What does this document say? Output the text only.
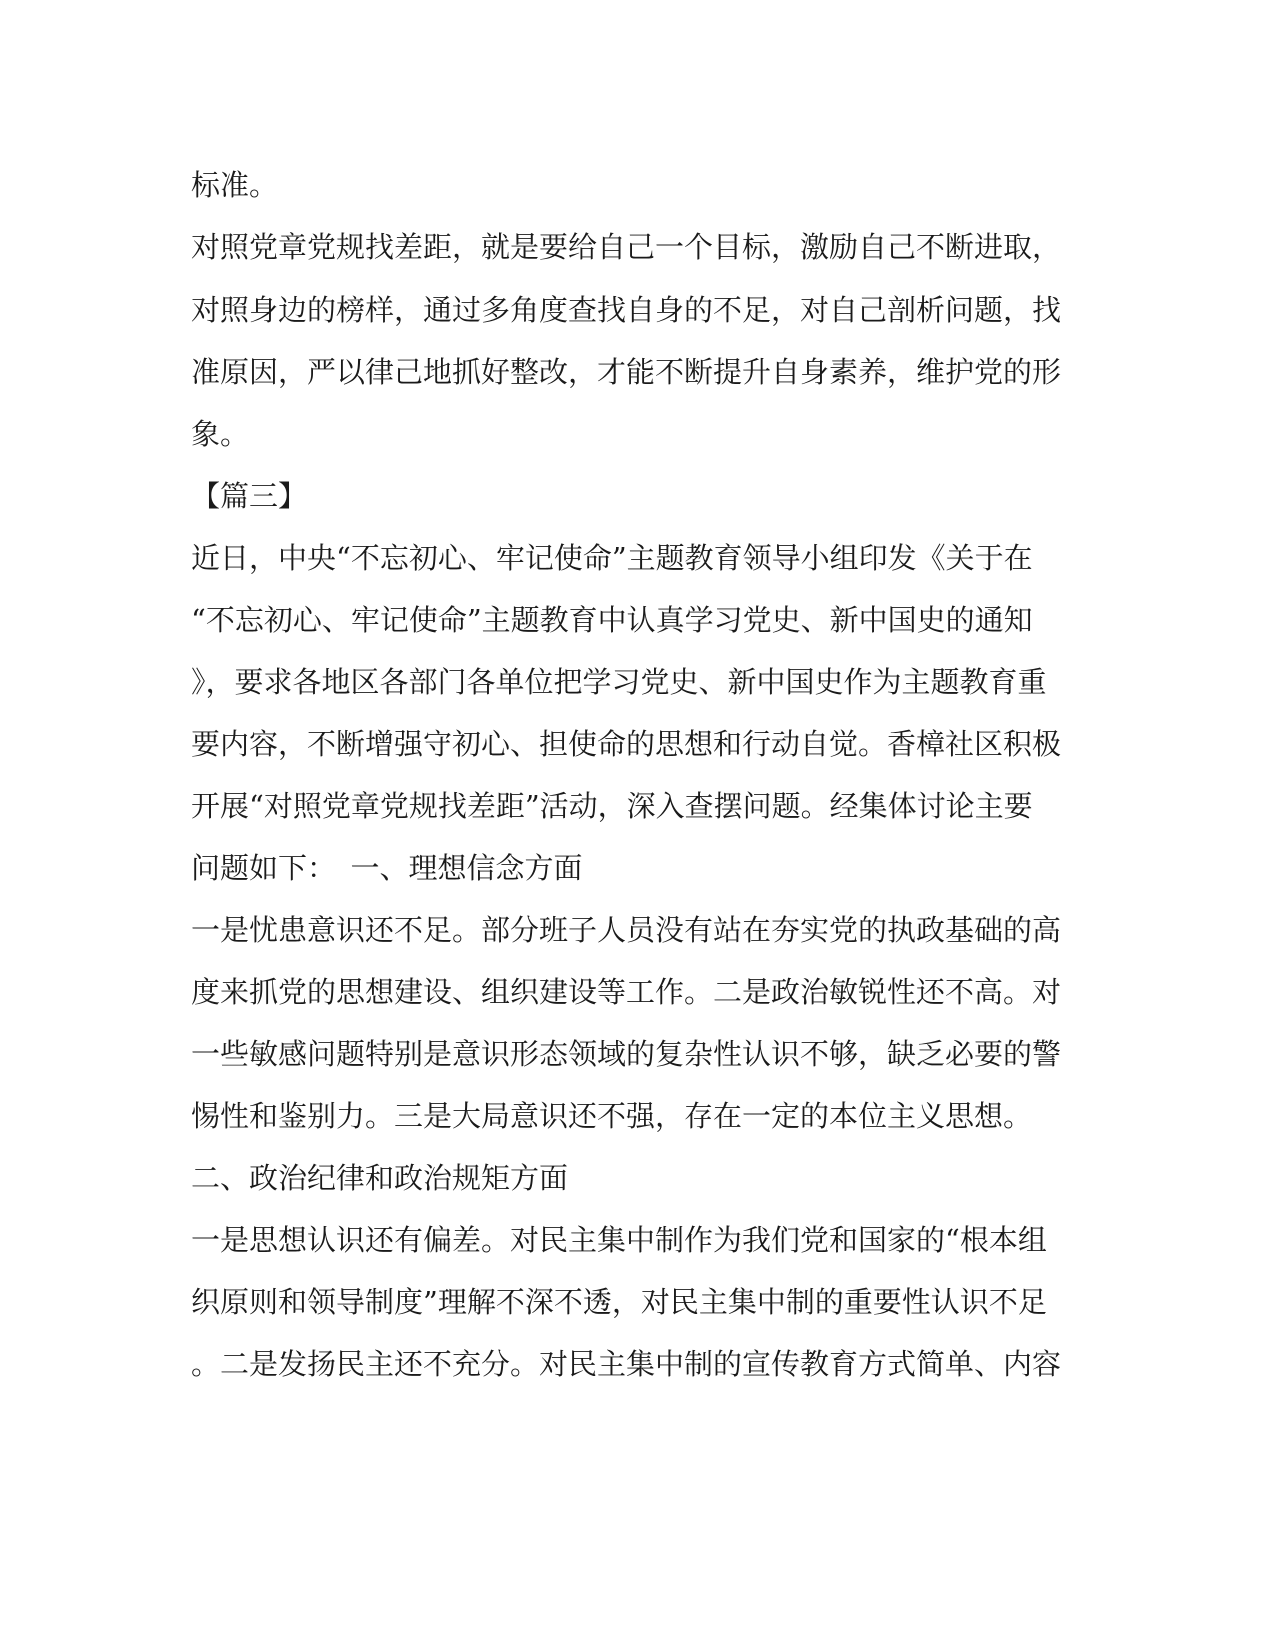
标准。
对照党章党规找差距，就是要给自己一个目标，激励自己不断进取，
对照身边的榜样，通过多角度查找自身的不足，对自己剖析问题，找
准原因，严以律己地抓好整改，才能不断提升自身素养，维护党的形
象。
【篇三】
近日，中央“不忘初心、牢记使命”主题教育领导小组印发《关于在
“不忘初心、牢记使命”主题教育中认真学习党史、新中国史的通知
》，要求各地区各部门各单位把学习党史、新中国史作为主题教育重
要内容，不断增强守初心、担使命的思想和行动自觉。香樟社区积极
开展“对照党章党规找差距”活动，深入查摆问题。经集体讨论主要
问题如下：　一、理想信念方面
一是忧患意识还不足。部分班子人员没有站在夯实党的执政基础的高
度来抓党的思想建设、组织建设等工作。二是政治敏锐性还不高。对
一些敏感问题特别是意识形态领域的复杂性认识不够，缺乏必要的警
惕性和鉴别力。三是大局意识还不强，存在一定的本位主义思想。
二、政治纪律和政治规矩方面
一是思想认识还有偏差。对民主集中制作为我们党和国家的“根本组
织原则和领导制度”理解不深不透，对民主集中制的重要性认识不足
。二是发扬民主还不充分。对民主集中制的宣传教育方式简单、内容
